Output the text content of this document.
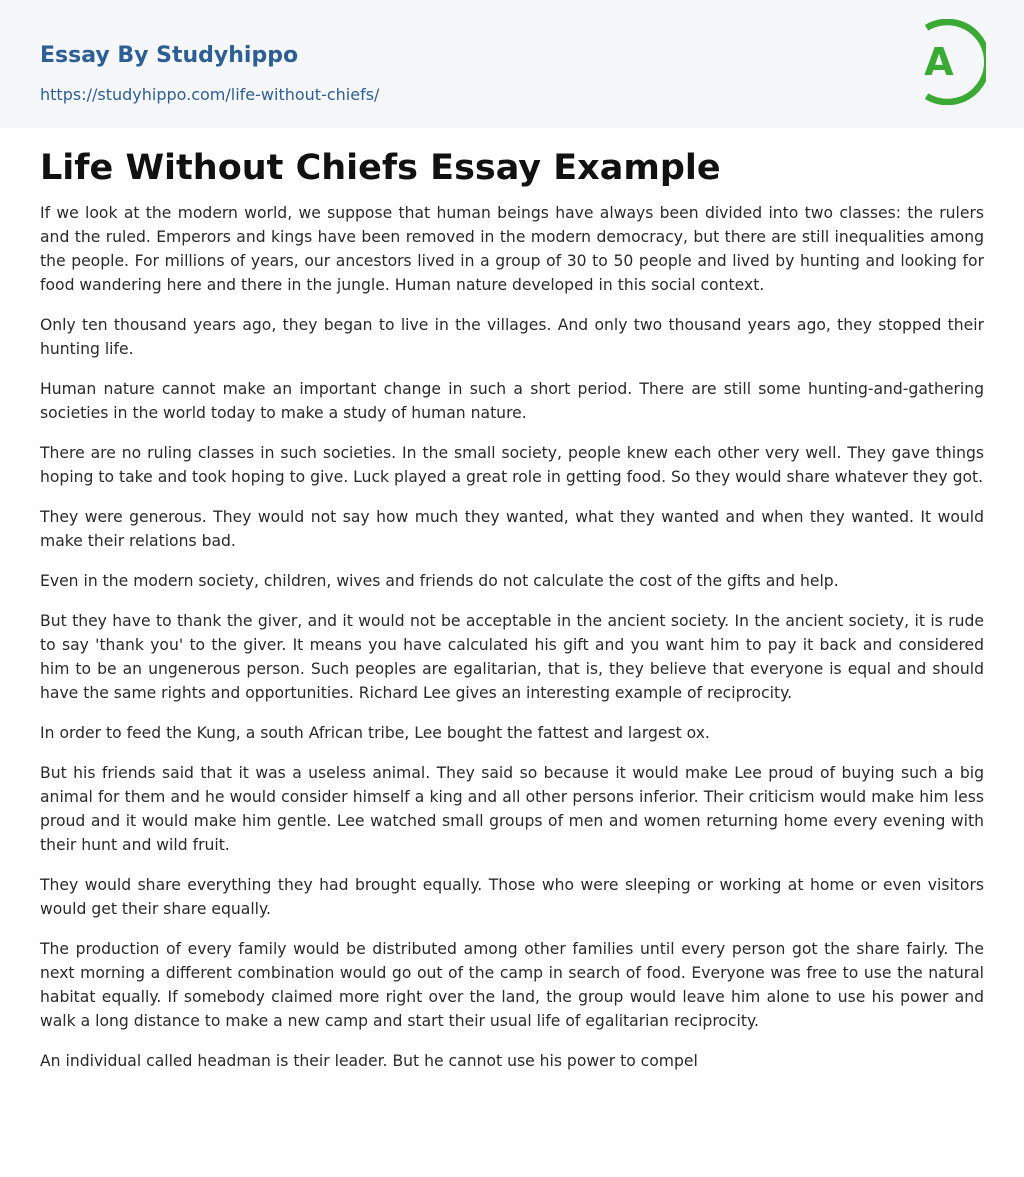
Essay By Studyhippo
https://studyhippo.com/life-without-chiefs/
A
Life Without Chiefs Essay Example

If we look at the modern world, we suppose that human beings have always been divided into two classes: the rulers and the ruled. Emperors and kings have been removed in the modern democracy, but there are still inequalities among the people. For millions of years, our ancestors lived in a group of 30 to 50 people and lived by hunting and looking for food wandering here and there in the jungle. Human nature developed in this social context.

Only ten thousand years ago, they began to live in the villages. And only two thousand years ago, they stopped their hunting life.

Human nature cannot make an important change in such a short period. There are still some hunting-and-gathering societies in the world today to make a study of human nature.

There are no ruling classes in such societies. In the small society, people knew each other very well. They gave things hoping to take and took hoping to give. Luck played a great role in getting food. So they would share whatever they got.

They were generous. They would not say how much they wanted, what they wanted and when they wanted. It would make their relations bad.

Even in the modern society, children, wives and friends do not calculate the cost of the gifts and help.

But they have to thank the giver, and it would not be acceptable in the ancient society. In the ancient society, it is rude to say 'thank you' to the giver. It means you have calculated his gift and you want him to pay it back and considered him to be an ungenerous person. Such peoples are egalitarian, that is, they believe that everyone is equal and should have the same rights and opportunities. Richard Lee gives an interesting example of reciprocity.

In order to feed the Kung, a south African tribe, Lee bought the fattest and largest ox.

But his friends said that it was a useless animal. They said so because it would make Lee proud of buying such a big animal for them and he would consider himself a king and all other persons inferior. Their criticism would make him less proud and it would make him gentle. Lee watched small groups of men and women returning home every evening with their hunt and wild fruit.

They would share everything they had brought equally. Those who were sleeping or working at home or even visitors would get their share equally.

The production of every family would be distributed among other families until every person got the share fairly. The next morning a different combination would go out of the camp in search of food. Everyone was free to use the natural habitat equally. If somebody claimed more right over the land, the group would leave him alone to use his power and walk a long distance to make a new camp and start their usual life of egalitarian reciprocity.

An individual called headman is their leader. But he cannot use his power to compel
